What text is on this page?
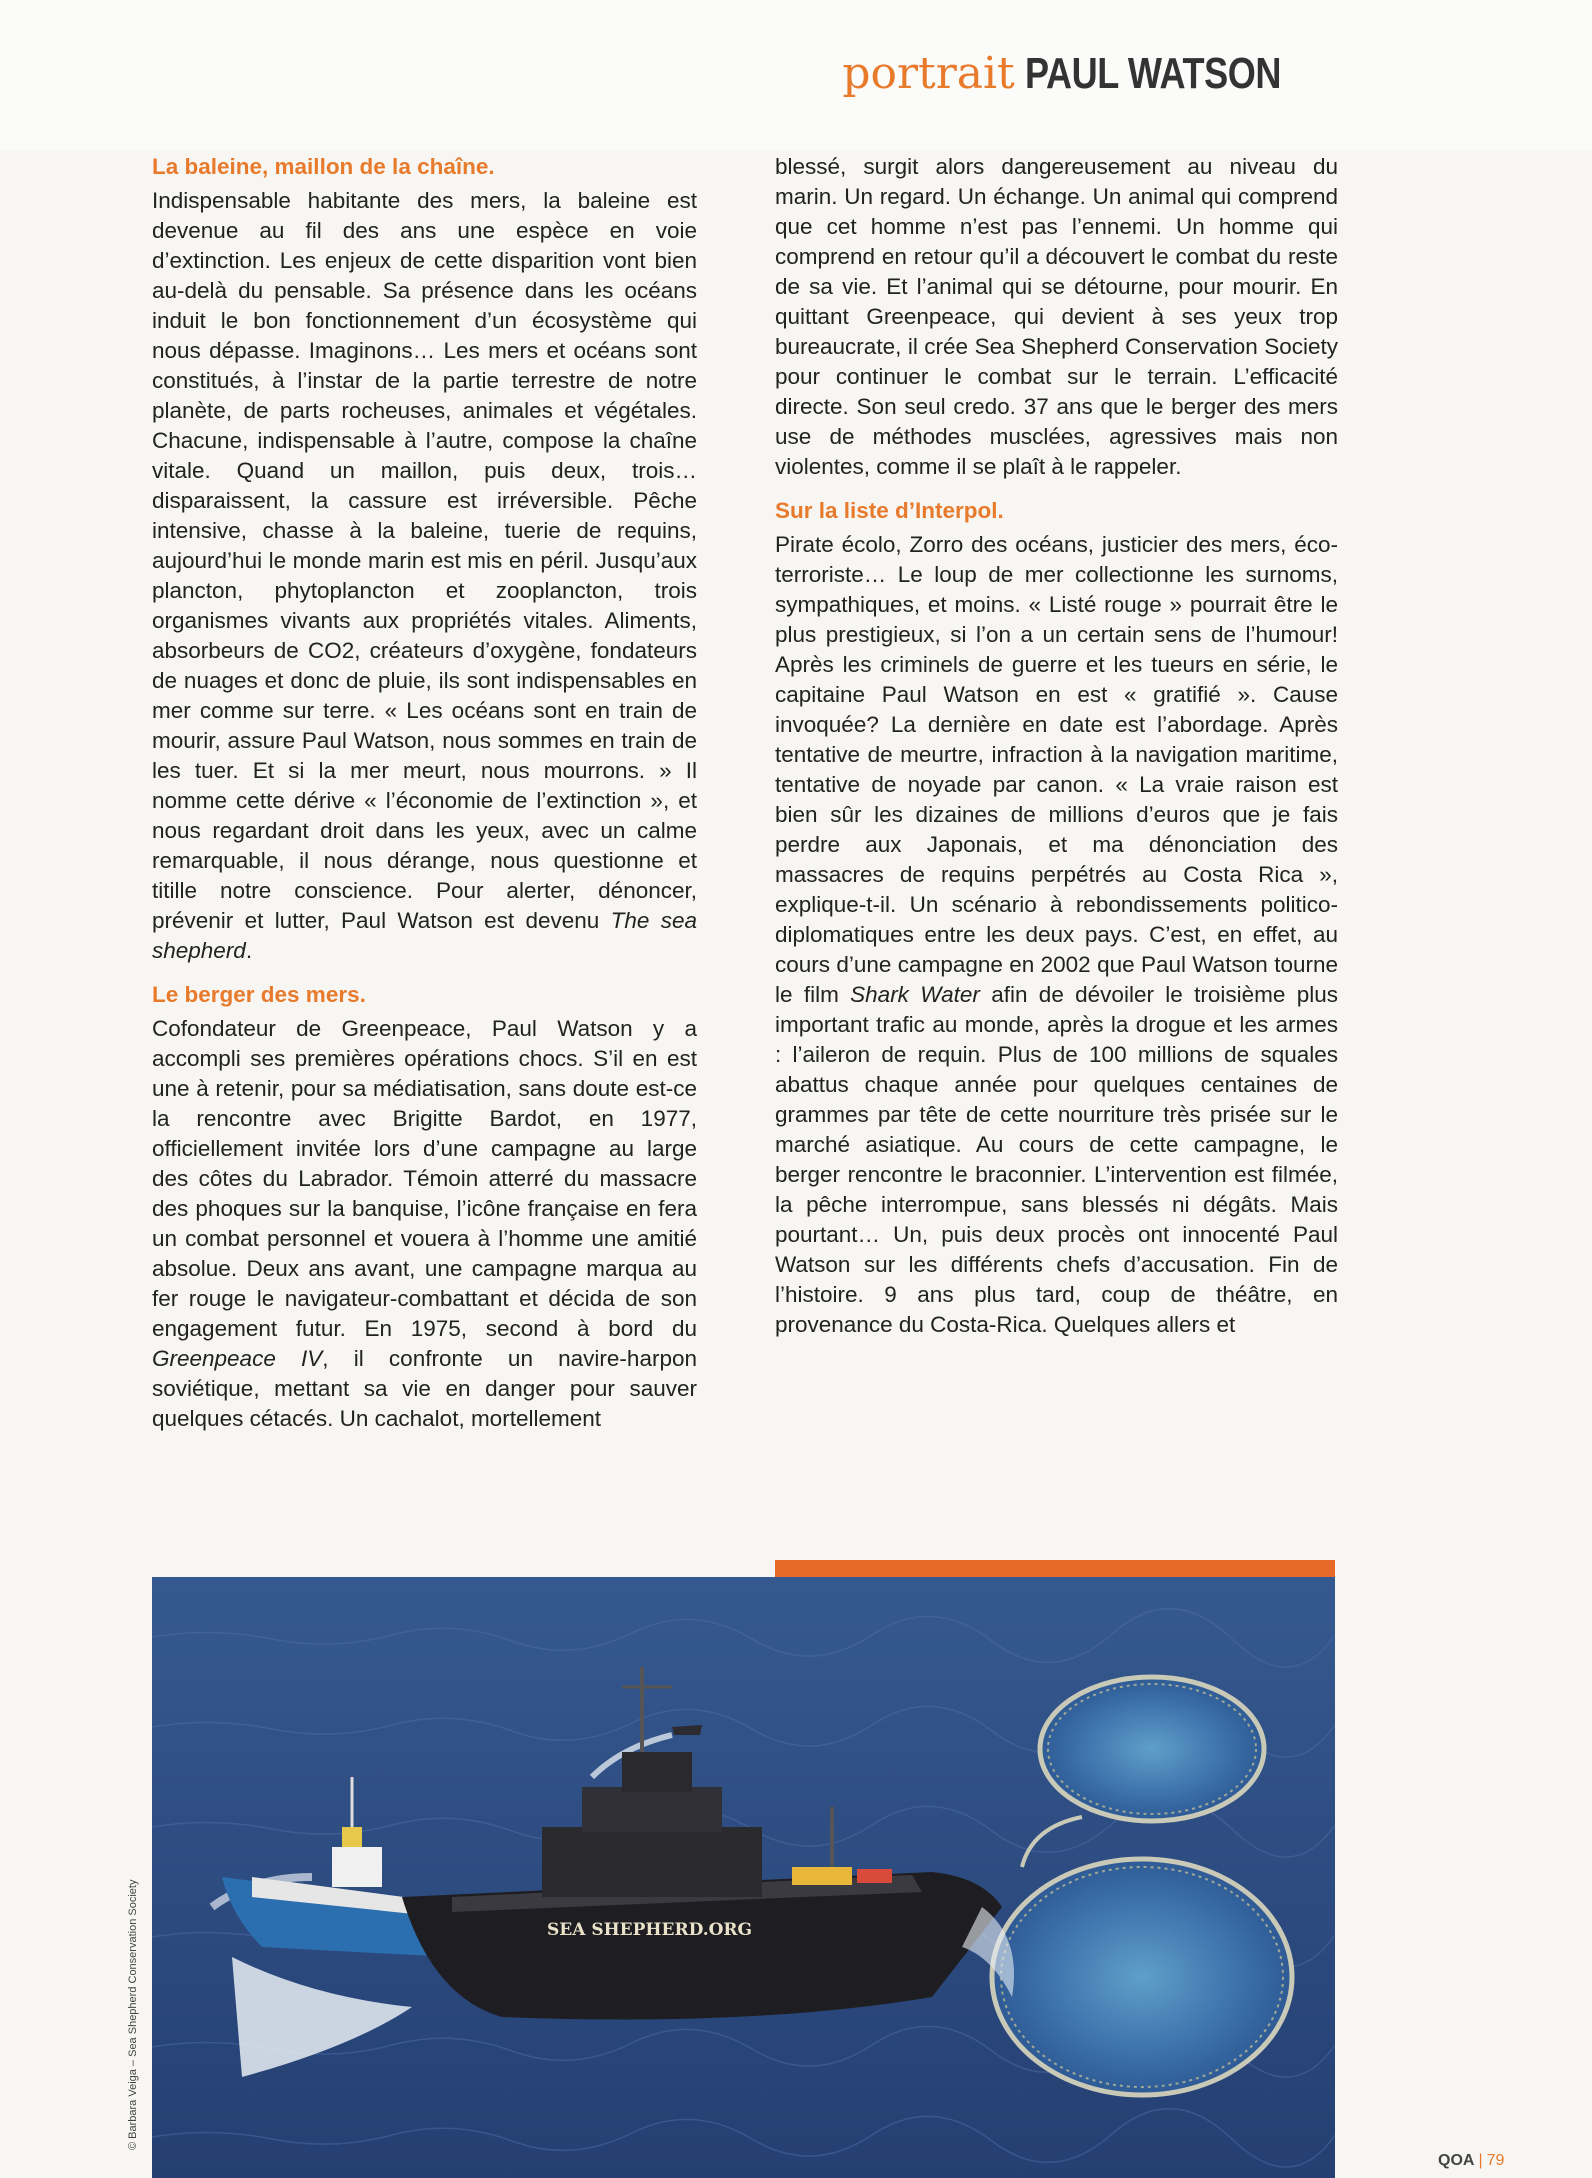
portrait PAUL WATSON
La baleine, maillon de la chaîne.
Indispensable habitante des mers, la baleine est devenue au fil des ans une espèce en voie d’extinction. Les enjeux de cette disparition vont bien au-delà du pensable. Sa présence dans les océans induit le bon fonctionnement d’un écosystème qui nous dépasse. Imaginons… Les mers et océans sont constitués, à l’instar de la partie terrestre de notre planète, de parts rocheuses, animales et végétales. Chacune, indispensable à l’autre, compose la chaîne vitale. Quand un maillon, puis deux, trois… disparaissent, la cassure est irréversible. Pêche intensive, chasse à la baleine, tuerie de requins, aujourd’hui le monde marin est mis en péril. Jusqu’aux plancton, phytoplancton et zooplancton, trois organismes vivants aux propriétés vitales. Aliments, absorbeurs de CO2, créateurs d’oxygène, fondateurs de nuages et donc de pluie, ils sont indispensables en mer comme sur terre. « Les océans sont en train de mourir, assure Paul Watson, nous sommes en train de les tuer. Et si la mer meurt, nous mourrons. » Il nomme cette dérive « l’économie de l’extinction », et nous regardant droit dans les yeux, avec un calme remarquable, il nous dérange, nous questionne et titille notre conscience. Pour alerter, dénoncer, prévenir et lutter, Paul Watson est devenu The sea shepherd.
Le berger des mers.
Cofondateur de Greenpeace, Paul Watson y a accompli ses premières opérations chocs. S’il en est une à retenir, pour sa médiatisation, sans doute est-ce la rencontre avec Brigitte Bardot, en 1977, officiellement invitée lors d’une campagne au large des côtes du Labrador. Témoin atterré du massacre des phoques sur la banquise, l’icône française en fera un combat personnel et vouera à l’homme une amitié absolue. Deux ans avant, une campagne marqua au fer rouge le navigateur-combattant et décida de son engagement futur. En 1975, second à bord du Greenpeace IV, il confronte un navire-harpon soviétique, mettant sa vie en danger pour sauver quelques cétacés. Un cachalot, mortellement
blessé, surgit alors dangereusement au niveau du marin. Un regard. Un échange. Un animal qui comprend que cet homme n’est pas l’ennemi. Un homme qui comprend en retour qu’il a découvert le combat du reste de sa vie. Et l’animal qui se détourne, pour mourir. En quittant Greenpeace, qui devient à ses yeux trop bureaucrate, il crée Sea Shepherd Conservation Society pour continuer le combat sur le terrain. L’efficacité directe. Son seul credo. 37 ans que le berger des mers use de méthodes musclées, agressives mais non violentes, comme il se plaît à le rappeler.
Sur la liste d’Interpol.
Pirate écolo, Zorro des océans, justicier des mers, éco-terroriste… Le loup de mer collectionne les surnoms, sympathiques, et moins. « Listé rouge » pourrait être le plus prestigieux, si l’on a un certain sens de l’humour! Après les criminels de guerre et les tueurs en série, le capitaine Paul Watson en est « gratifié ». Cause invoquée? La dernière en date est l’abordage. Après tentative de meurtre, infraction à la navigation maritime, tentative de noyade par canon. « La vraie raison est bien sûr les dizaines de millions d’euros que je fais perdre aux Japonais, et ma dénonciation des massacres de requins perpétrés au Costa Rica », explique-t-il. Un scénario à rebondissements politico-diplomatiques entre les deux pays. C’est, en effet, au cours d’une campagne en 2002 que Paul Watson tourne le film Shark Water afin de dévoiler le troisième plus important trafic au monde, après la drogue et les armes : l’aileron de requin. Plus de 100 millions de squales abattus chaque année pour quelques centaines de grammes par tête de cette nourriture très prisée sur le marché asiatique. Au cours de cette campagne, le berger rencontre le braconnier. L’intervention est filmée, la pêche interrompue, sans blessés ni dégâts. Mais pourtant… Un, puis deux procès ont innocenté Paul Watson sur les différents chefs d’accusation. Fin de l’histoire. 9 ans plus tard, coup de théâtre, en provenance du Costa-Rica. Quelques allers et
SEA SHEPHERD.ORG
© Barbara Veiga – Sea Shepherd Conservation Society
QOA | 79
